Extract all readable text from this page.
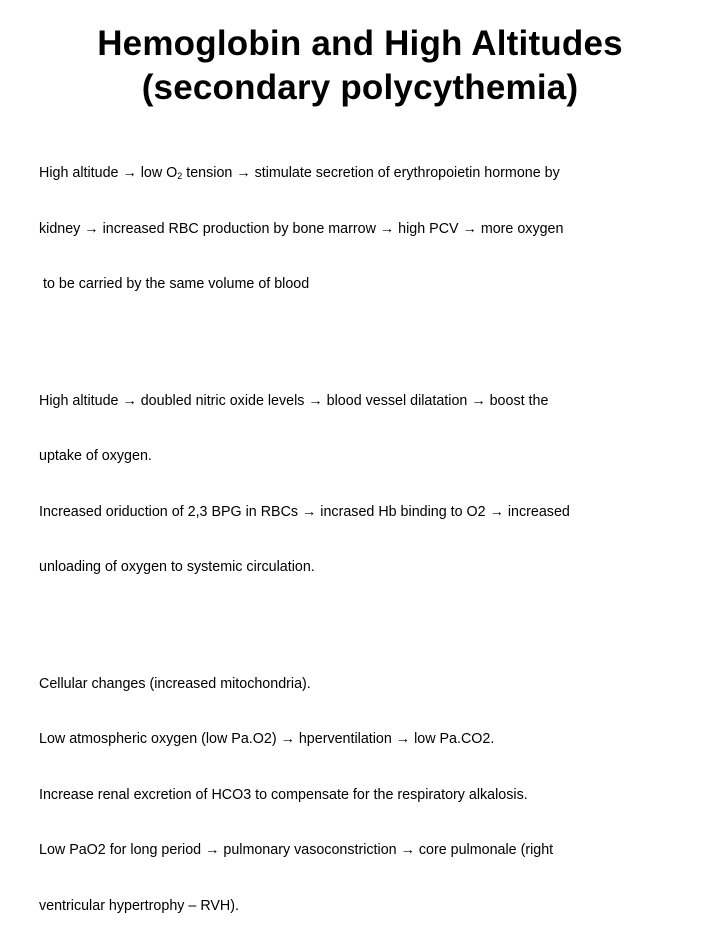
Hemoglobin and High Altitudes
(secondary polycythemia)

High altitude → low $O_2$ tension → stimulate secretion of erythropoietin hormone by

kidney → increased RBC production by bone marrow → high PCV → more oxygen

to be carried by the same volume of blood

High altitude → doubled nitric oxide levels → blood vessel dilatation → boost the

uptake of oxygen.

Increased oriduction of 2,3 BPG in RBCs → incrased Hb binding to O2 → increased

unloading of oxygen to systemic circulation.

Cellular changes (increased mitochondria).

Low atmospheric oxygen (low Pa.O2) → hperventilation → low Pa.CO2.

Increase renal excretion of HCO3 to compensate for the respiratory alkalosis.

Low PaO2 for long period → pulmonary vasoconstriction → core pulmonale (right

ventricular hypertrophy – RVH).
